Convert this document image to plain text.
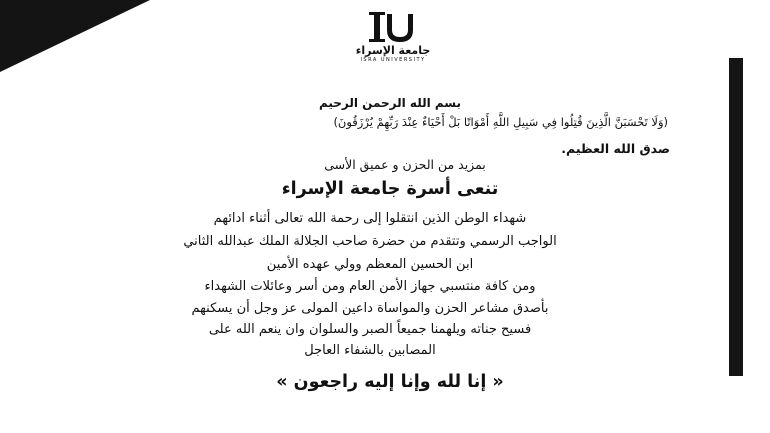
جامعة الإسراء
ISRA UNIVERSITY
بسم الله الرحمن الرحيم
(وَلَا تَحْسَبَنَّ الَّذِينَ قُتِلُوا فِي سَبِيلِ اللَّهِ أَمْوَاتًا بَلْ أَحْيَاءٌ عِنْدَ رَبِّهِمْ يُرْزَقُونَ)
صدق الله العظيم.
بمزيد من الحزن و عميق الأسى
تنعى أسرة جامعة الإسراء
شهداء الوطن الذين انتقلوا إلى رحمة الله تعالى أثناء ادائهم
الواجب الرسمي وتتقدم من حضرة صاحب الجلالة الملك عبدالله الثاني
ابن الحسين المعظم وولي عهده الأمين
ومن كافة منتسبي جهاز الأمن العام ومن أسر وعائلات الشهداء
بأصدق مشاعر الحزن والمواساة داعين المولى عز وجل أن يسكنهم
فسيح جناته ويلهمنا جميعاً الصبر والسلوان وان ينعم الله على
المصابين بالشفاء العاجل
« إنا لله وإنا إليه راجعون »
